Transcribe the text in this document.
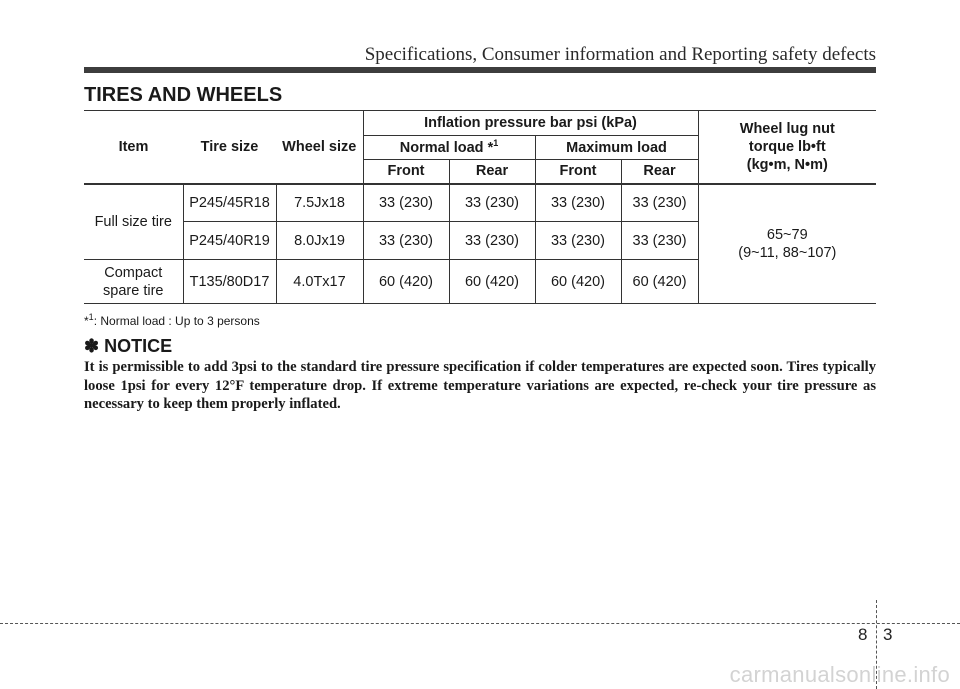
Specifications, Consumer information and Reporting safety defects
TIRES AND WHEELS
Item	Tire size	Wheel size	Inflation pressure bar psi (kPa)				Wheel lug nut
torque lb•ft
(kg•m, N•m)

			Normal load *$^1$		Maximum load		
			Front	Rear	Front	Rear	
Full size tire	P245/45R18	7.5Jx18	33 (230)	33 (230)	33 (230)	33 (230)	65~79
(9~11, 88~107)

	P245/40R19	8.0Jx19	33 (230)	33 (230)	33 (230)	33 (230)	

Compact
spare tire	T135/80D17	4.0Tx17	60 (420)	60 (420)	60 (420)	60 (420)	
*$^1$: Normal load : Up to 3 persons
✽ NOTICE
It is permissible to add 3psi to the standard tire pressure specification if colder temperatures are expected soon. Tires typically loose 1psi for every 12°F temperature drop. If extreme temperature variations are expected, re-check your tire pressure as necessary to keep them properly inflated.
8 3
carmanualsonline.info
